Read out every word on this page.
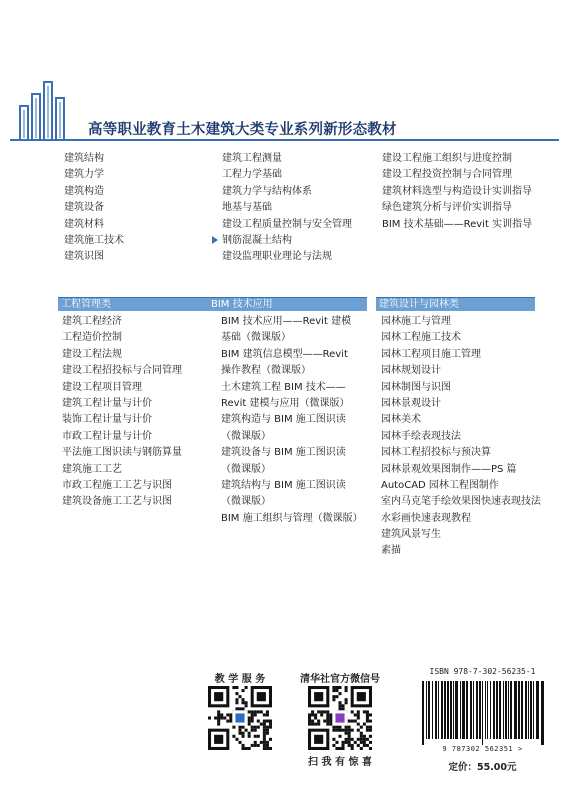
高等职业教育土木建筑大类专业系列新形态教材
建筑结构
建筑力学
建筑构造
建筑设备
建筑材料
建筑施工技术
建筑识图
建筑工程测量
工程力学基础
建筑力学与结构体系
地基与基础
建设工程质量控制与安全管理
钢筋混凝土结构
建设监理职业理论与法规
建设工程施工组织与进度控制
建设工程投资控制与合同管理
建筑材料选型与构造设计实训指导
绿色建筑分析与评价实训指导
BIM 技术基础——Revit 实训指导
工程管理类	BIM 技术应用	建筑设计与园林类
建筑工程经济
工程造价控制
建设工程法规
建设工程招投标与合同管理
建设工程项目管理
建筑工程计量与计价
装饰工程计量与计价
市政工程计量与计价
平法施工图识读与钢筋算量
建筑施工工艺
市政工程施工工艺与识图
建筑设备施工工艺与识图
BIM 技术应用——Revit 建模
基础（微课版）
BIM 建筑信息模型——Revit
操作教程（微课版）
土木建筑工程 BIM 技术——
Revit 建模与应用（微课版）
建筑构造与 BIM 施工图识读
（微课版）
建筑设备与 BIM 施工图识读
（微课版）
建筑结构与 BIM 施工图识读
（微课版）
BIM 施工组织与管理（微课版）
园林施工与管理
园林工程施工技术
园林工程项目施工管理
园林规划设计
园林制图与识图
园林景观设计
园林美术
园林手绘表现技法
园林工程招投标与预决算
园林景观效果图制作——PS 篇
AutoCAD 园林工程图制作
室内马克笔手绘效果图快速表现技法
水彩画快速表现教程
建筑风景写生
素描
教 学 服 务	清华社官方微信号
扫 我 有 惊 喜
ISBN 978-7-302-56235-1
9 787302 562351 >
定价：55.00元
